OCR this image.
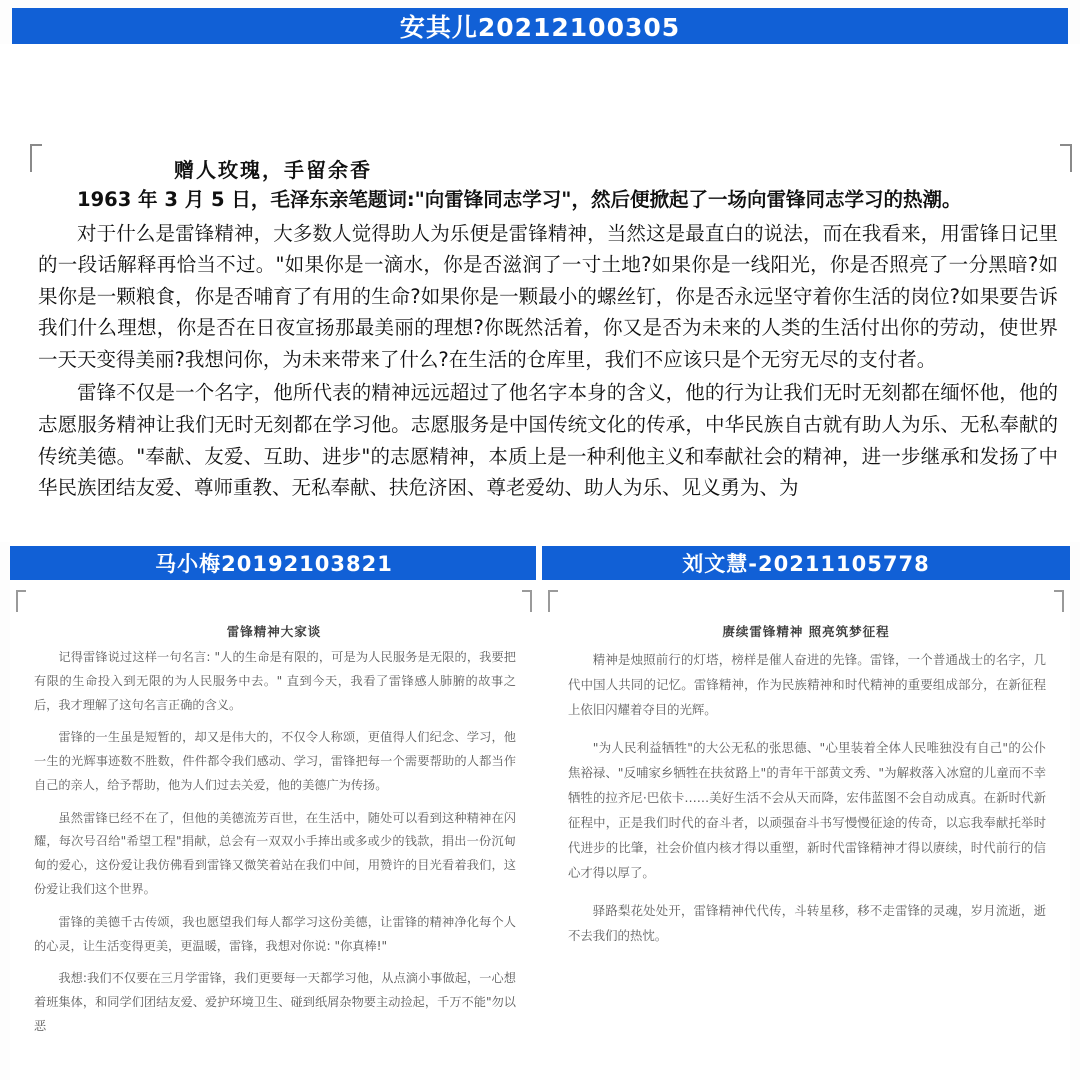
安其儿20212100305
赠人玫瑰，手留余香

1963 年 3 月 5 日，毛泽东亲笔题词:"向雷锋同志学习"，然后便掀起了一场向雷锋同志学习的热潮。

对于什么是雷锋精神，大多数人觉得助人为乐便是雷锋精神，当然这是最直白的说法，而在我看来，用雷锋日记里的一段话解释再恰当不过。"如果你是一滴水，你是否滋润了一寸土地?如果你是一线阳光，你是否照亮了一分黑暗?如果你是一颗粮食，你是否哺育了有用的生命?如果你是一颗最小的螺丝钉，你是否永远坚守着你生活的岗位?如果要告诉我们什么理想，你是否在日夜宣扬那最美丽的理想?你既然活着，你又是否为未来的人类的生活付出你的劳动，使世界一天天变得美丽?我想问你，为未来带来了什么?在生活的仓库里，我们不应该只是个无穷无尽的支付者。

雷锋不仅是一个名字，他所代表的精神远远超过了他名字本身的含义，他的行为让我们无时无刻都在缅怀他，他的志愿服务精神让我们无时无刻都在学习他。志愿服务是中国传统文化的传承，中华民族自古就有助人为乐、无私奉献的传统美德。"奉献、友爱、互助、进步"的志愿精神，本质上是一种利他主义和奉献社会的精神，进一步继承和发扬了中华民族团结友爱、尊师重教、无私奉献、扶危济困、尊老爱幼、助人为乐、见义勇为、为

马小梅20192103821
雷锋精神大家谈

记得雷锋说过这样一句名言: "人的生命是有限的，可是为人民服务是无限的，我要把有限的生命投入到无限的为人民服务中去。" 直到今天，我看了雷锋感人肺腑的故事之后，我才理解了这句名言正确的含义。

雷锋的一生虽是短暂的，却又是伟大的，不仅令人称颂，更值得人们纪念、学习，他一生的光辉事迹数不胜数，件件都令我们感动、学习，雷锋把每一个需要帮助的人都当作自己的亲人，给予帮助，他为人们过去关爱，他的美德广为传扬。

虽然雷锋已经不在了，但他的美德流芳百世，在生活中，随处可以看到这种精神在闪耀，每次号召给"希望工程"捐献，总会有一双双小手捧出或多或少的钱款，捐出一份沉甸甸的爱心，这份爱让我仿佛看到雷锋又微笑着站在我们中间，用赞许的目光看着我们，这份爱让我们这个世界。

雷锋的美德千古传颂，我也愿望我们每人都学习这份美德，让雷锋的精神净化每个人的心灵，让生活变得更美，更温暖，雷锋，我想对你说: "你真棒!"

我想:我们不仅要在三月学雷锋，我们更要每一天都学习他，从点滴小事做起，一心想着班集体，和同学们团结友爱、爱护环境卫生、碰到纸屑杂物要主动捡起，千万不能"勿以恶

刘文慧-20211105778
赓续雷锋精神 照亮筑梦征程

精神是烛照前行的灯塔，榜样是催人奋进的先锋。雷锋，一个普通战士的名字，几代中国人共同的记忆。雷锋精神，作为民族精神和时代精神的重要组成部分，在新征程上依旧闪耀着夺目的光辉。

"为人民利益牺牲"的大公无私的张思德、"心里装着全体人民唯独没有自己"的公仆焦裕禄、"反哺家乡牺牲在扶贫路上"的青年干部黄文秀、"为解救落入冰窟的儿童而不幸牺牲的拉齐尼·巴依卡……美好生活不会从天而降，宏伟蓝图不会自动成真。在新时代新征程中，正是我们时代的奋斗者，以顽强奋斗书写慢慢征途的传奇，以忘我奉献托举时代进步的比肇，社会价值内核才得以重塑，新时代雷锋精神才得以赓续，时代前行的信心才得以厚了。

驿路梨花处处开，雷锋精神代代传，斗转星移，移不走雷锋的灵魂，岁月流逝，逝不去我们的热忱。
